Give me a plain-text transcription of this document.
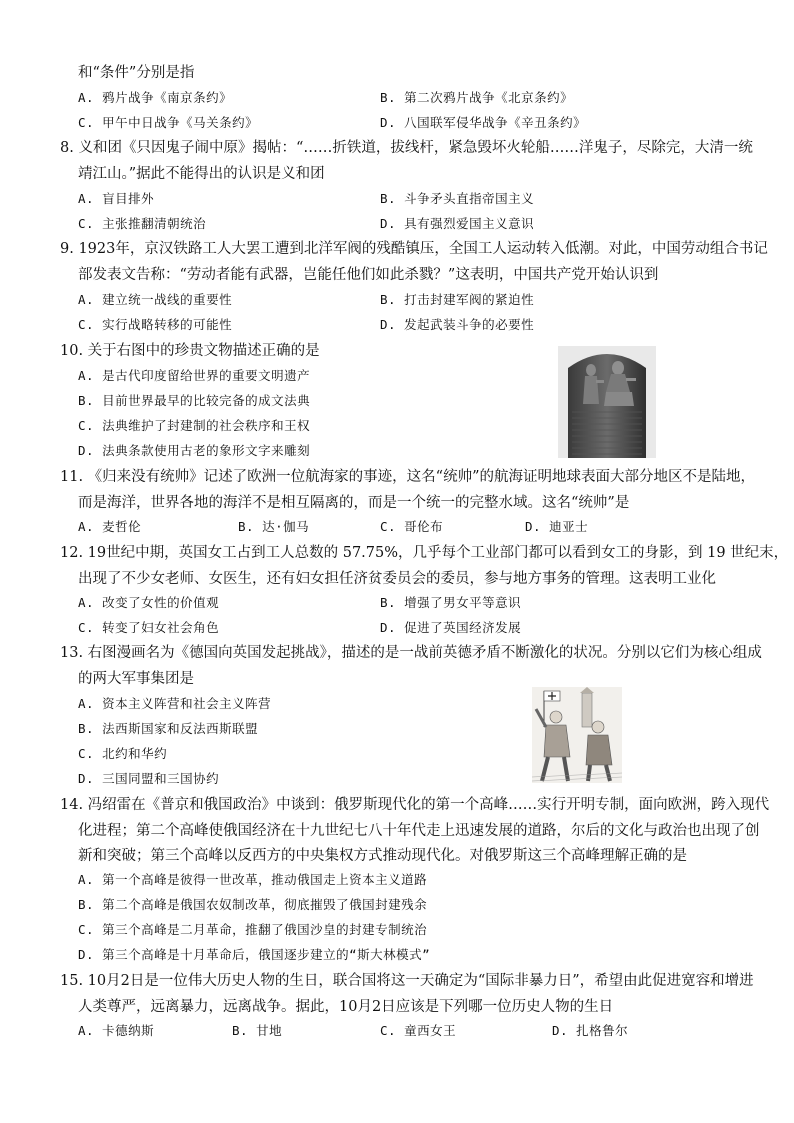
和“条件”分别是指
A. 鸦片战争《南京条约》	B. 第二次鸦片战争《北京条约》
C. 甲午中日战争《马关条约》	D. 八国联军侵华战争《辛丑条约》
8. 义和团《只因鬼子闹中原》揭帖：“……折铁道，拔线杆，紧急毁坏火轮船……洋鬼子，尽除完，大清一统
靖江山。”据此不能得出的认识是义和团
A. 盲目排外	B. 斗争矛头直指帝国主义
C. 主张推翻清朝统治	D. 具有强烈爱国主义意识
9. 1923年，京汉铁路工人大罢工遭到北洋军阀的残酷镇压，全国工人运动转入低潮。对此，中国劳动组合书记
部发表文告称：“劳动者能有武器，岂能任他们如此杀戮？”这表明，中国共产党开始认识到
A. 建立统一战线的重要性	B. 打击封建军阀的紧迫性
C. 实行战略转移的可能性	D. 发起武装斗争的必要性
10. 关于右图中的珍贵文物描述正确的是
A. 是古代印度留给世界的重要文明遗产
B. 目前世界最早的比较完备的成文法典
C. 法典维护了封建制的社会秩序和王权
D. 法典条款使用古老的象形文字来雕刻
11. 《归来没有统帅》记述了欧洲一位航海家的事迹，这名“统帅”的航海证明地球表面大部分地区不是陆地，
而是海洋，世界各地的海洋不是相互隔离的，而是一个统一的完整水域。这名“统帅”是
A. 麦哲伦	B. 达·伽马	C. 哥伦布	D. 迪亚士
12. 19世纪中期，英国女工占到工人总数的 57.75%，几乎每个工业部门都可以看到女工的身影，到 19 世纪末，
出现了不少女老师、女医生，还有妇女担任济贫委员会的委员，参与地方事务的管理。这表明工业化
A. 改变了女性的价值观	B. 增强了男女平等意识
C. 转变了妇女社会角色	D. 促进了英国经济发展
13. 右图漫画名为《德国向英国发起挑战》，描述的是一战前英德矛盾不断激化的状况。分别以它们为核心组成
的两大军事集团是
A. 资本主义阵营和社会主义阵营
B. 法西斯国家和反法西斯联盟
C. 北约和华约
D. 三国同盟和三国协约
14. 冯绍雷在《普京和俄国政治》中谈到：俄罗斯现代化的第一个高峰……实行开明专制，面向欧洲，跨入现代
化进程；第二个高峰使俄国经济在十九世纪七八十年代走上迅速发展的道路，尔后的文化与政治也出现了创
新和突破；第三个高峰以反西方的中央集权方式推动现代化。对俄罗斯这三个高峰理解正确的是
A. 第一个高峰是彼得一世改革，推动俄国走上资本主义道路
B. 第二个高峰是俄国农奴制改革，彻底摧毁了俄国封建残余
C. 第三个高峰是二月革命，推翻了俄国沙皇的封建专制统治
D. 第三个高峰是十月革命后，俄国逐步建立的“斯大林模式”
15. 10月2日是一位伟大历史人物的生日，联合国将这一天确定为“国际非暴力日”，希望由此促进宽容和增进
人类尊严，远离暴力，远离战争。据此，10月2日应该是下列哪一位历史人物的生日
A. 卡德纳斯	B. 甘地	C. 童西女王	D. 扎格鲁尔
